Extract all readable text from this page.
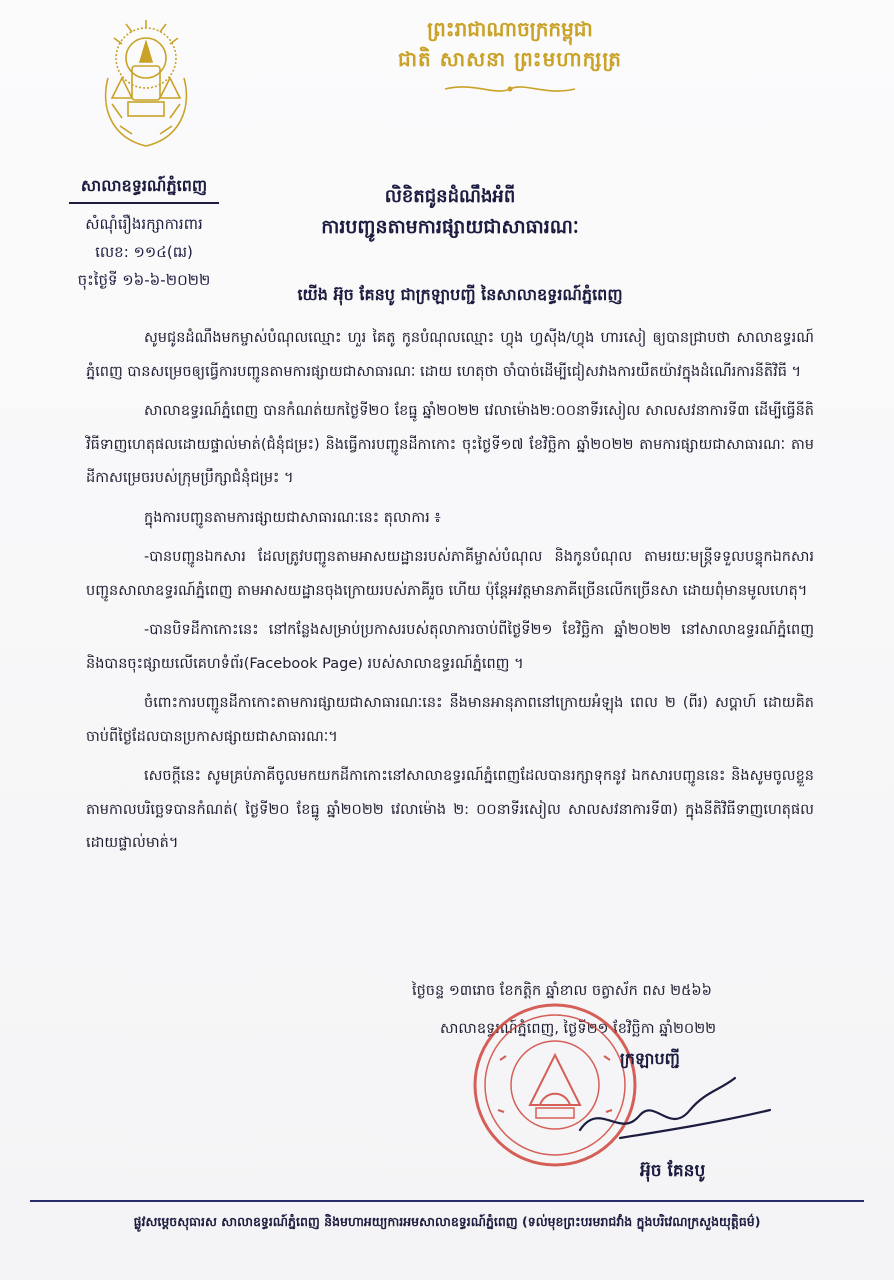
ព្រះរាជាណាចក្រកម្ពុជា
ជាតិ សាសនា ព្រះមហាក្សត្រ
សាលាឧទ្ធរណ៍ភ្នំពេញ
សំណុំរឿងរក្សាការពារ
លេខ: ១១៤(ឍ)
ចុះថ្ងៃទី ១៦-៦-២០២២
លិខិតជូនដំណឹងអំពី
ការបញ្ជូនតាមការផ្សាយជាសាធារណៈ
យើង អ៊ុច គែនបូ ជាក្រឡាបញ្ជី នៃសាលាឧទ្ធរណ៍ភ្នំពេញ

សូមជូនដំណឹងមកម្ចាស់បំណុលឈ្មោះ ហួរ គៃតូ កូនបំណុលឈ្មោះ ហ្វុង ហ្វស៊ីង/ហ្វុង ហារសៀ ឲ្យបានជ្រាបថា សាលាឧទ្ធរណ៍ភ្នំពេញ បានសម្រេចឲ្យធ្វើការបញ្ជូនតាមការផ្សាយជាសាធារណៈ ដោយ ហេតុថា ចាំបាច់ដើម្បីជៀសវាងការយឺតយ៉ាវក្នុងដំណើរការនីតិវិធី ។

សាលាឧទ្ធរណ៍ភ្នំពេញ បានកំណត់យកថ្ងៃទី២០ ខែធ្នូ ឆ្នាំ២០២២ វេលាម៉ោង២:០០នាទីរសៀល សាលសវនាការទី៣ ដើម្បីធ្វើនីតិវិធីទាញហេតុផលដោយផ្ទាល់មាត់(ជំនុំជម្រះ) និងធ្វើការបញ្ជូនដីកាកោះ ចុះថ្ងៃទី១៧ ខែវិច្ឆិកា ឆ្នាំ២០២២ តាមការផ្សាយជាសាធារណៈ តាមដីកាសម្រេចរបស់ក្រុមប្រឹក្សាជំនុំជម្រះ ។

ក្នុងការបញ្ជូនតាមការផ្សាយជាសាធារណៈនេះ តុលាការ ៖

-បានបញ្ជូនឯកសារ ដែលត្រូវបញ្ជូនតាមអាសយដ្ឋានរបស់ភាគីម្ចាស់បំណុល និងកូនបំណុល តាមរយៈមន្ត្រីទទួលបន្ទុកឯកសារបញ្ជូនសាលាឧទ្ធរណ៍ភ្នំពេញ តាមអាសយដ្ឋានចុងក្រោយរបស់ភាគីរួច ហើយ ប៉ុន្តែអវត្តមានភាគីច្រើនលើកច្រើនសា ដោយពុំមានមូលហេតុ។

-បានបិទដីកាកោះនេះ នៅកន្លែងសម្រាប់ប្រកាសរបស់តុលាការចាប់ពីថ្ងៃទី២១ ខែវិច្ឆិកា ឆ្នាំ២០២២ នៅសាលាឧទ្ធរណ៍ភ្នំពេញ និងបានចុះផ្សាយលើគេហទំព័រ(Facebook Page) របស់សាលាឧទ្ធរណ៍ភ្នំពេញ ។

ចំពោះការបញ្ជូនដីកាកោះតាមការផ្សាយជាសាធារណៈនេះ នឹងមានអានុភាពនៅក្រោយអំឡុង ពេល ២ (ពីរ) សប្តាហ៍ ដោយគិតចាប់ពីថ្ងៃដែលបានប្រកាសផ្សាយជាសាធារណៈ។

សេចក្តីនេះ សូមគ្រប់ភាគីចូលមកយកដីកាកោះនៅសាលាឧទ្ធរណ៍ភ្នំពេញដែលបានរក្សាទុកនូវ ឯកសារបញ្ជូននេះ និងសូមចូលខ្លួនតាមកាលបរិច្ឆេទបានកំណត់( ថ្ងៃទី២០ ខែធ្នូ ឆ្នាំ២០២២ វេលាម៉ោង ២: ០០នាទីរសៀល សាលសវនាការទី៣) ក្នុងនីតិវិធីទាញហេតុផលដោយផ្ទាល់មាត់។

ថ្ងៃចន្ទ ១៣រោច ខែកត្តិក ឆ្នាំខាល ចត្វាស័ក ពស ២៥៦៦
សាលាឧទ្ធរណ៍ភ្នំពេញ, ថ្ងៃទី២១ ខែវិច្ឆិកា ឆ្នាំ២០២២
ក្រឡាបញ្ជី
អ៊ុច គែនបូ
ផ្លូវសម្តេចសុធារស សាលាឧទ្ធរណ៍ភ្នំពេញ និងមហាអយ្យការអមសាលាឧទ្ធរណ៍ភ្នំពេញ (ទល់មុខព្រះបរមរាជវាំង ក្នុងបរិវេណក្រសួងយុត្តិធម៌)
